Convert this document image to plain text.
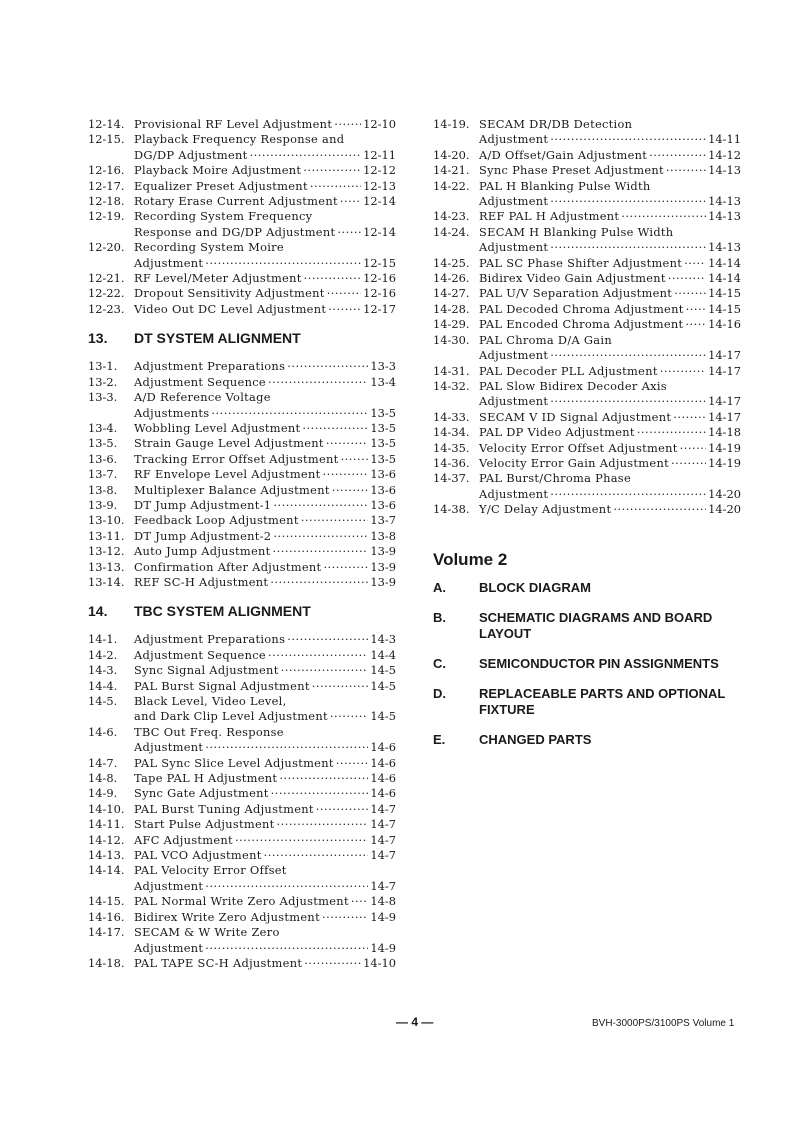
12-14. Provisional RF Level Adjustment ·····	12-10
12-15. Playback Frequency Response and
DG/DP Adjustment ·····	12-11
12-16. Playback Moire Adjustment ·····	12-12
12-17. Equalizer Preset Adjustment ·····	12-13
12-18. Rotary Erase Current Adjustment ····· 12-14
12-19. Recording System Frequency
Response and DG/DP Adjustment ····· 12-14
12-20. Recording System Moire
Adjustment ·····	12-15
12-21. RF Level/Meter Adjustment ·····	12-16
12-22. Dropout Sensitivity Adjustment ·····	12-16
12-23. Video Out DC Level Adjustment ·····	12-17
13.	DT SYSTEM ALIGNMENT
13-1.	Adjustment Preparations ·····	13-3
13-2.	Adjustment Sequence ·····	13-4
13-3.	A/D Reference Voltage
Adjustments ·····	13-5
13-4.	Wobbling Level Adjustment ·····	13-5
13-5.	Strain Gauge Level Adjustment ·····	13-5
13-6.	Tracking Error Offset Adjustment ·····	13-5
13-7.	RF Envelope Level Adjustment ·····	13-6
13-8.	Multiplexer Balance Adjustment ·····	13-6
13-9.	DT Jump Adjustment-1 ·····	13-6
13-10. Feedback Loop Adjustment ·····	13-7
13-11. DT Jump Adjustment-2 ·····	13-8
13-12. Auto Jump Adjustment ·····	13-9
13-13. Confirmation After Adjustment ·····	13-9
13-14. REF SC-H Adjustment ·····	13-9
14.	TBC SYSTEM ALIGNMENT
14-1.	Adjustment Preparations ·····	14-3
14-2.	Adjustment Sequence ·····	14-4
14-3.	Sync Signal Adjustment ·····	14-5
14-4.	PAL Burst Signal Adjustment ·····	14-5
14-5.	Black Level, Video Level,
and Dark Clip Level Adjustment ·····	14-5
14-6.	TBC Out Freq. Response
Adjustment ·····	14-6
14-7.	PAL Sync Slice Level Adjustment ·····	14-6
14-8.	Tape PAL H Adjustment ·····	14-6
14-9.	Sync Gate Adjustment ·····	14-6
14-10. PAL Burst Tuning Adjustment ·····	14-7
14-11. Start Pulse Adjustment ·····	14-7
14-12. AFC Adjustment ·····	14-7
14-13. PAL VCO Adjustment ·····	14-7
14-14. PAL Velocity Error Offset
Adjustment ·····	14-7
14-15. PAL Normal Write Zero Adjustment ····· 14-8
14-16. Bidirex Write Zero Adjustment ·····	14-9
14-17. SECAM & W Write Zero
Adjustment ·····	14-9
14-18. PAL TAPE SC-H Adjustment ·····	14-10
14-19. SECAM DR/DB Detection
Adjustment ·····	14-11
14-20. A/D Offset/Gain Adjustment ·····	14-12
14-21. Sync Phase Preset Adjustment ·····	14-13
14-22. PAL H Blanking Pulse Width
Adjustment ·····	14-13
14-23. REF PAL H Adjustment ·····	14-13
14-24. SECAM H Blanking Pulse Width
Adjustment ·····	14-13
14-25. PAL SC Phase Shifter Adjustment ····· 14-14
14-26. Bidirex Video Gain Adjustment ·····	14-14
14-27. PAL U/V Separation Adjustment ·····	14-15
14-28. PAL Decoded Chroma Adjustment ····· 14-15
14-29. PAL Encoded Chroma Adjustment ····· 14-16
14-30. PAL Chroma D/A Gain
Adjustment ·····	14-17
14-31. PAL Decoder PLL Adjustment ·····	14-17
14-32. PAL Slow Bidirex Decoder Axis
Adjustment ·····	14-17
14-33. SECAM V ID Signal Adjustment ·····	14-17
14-34. PAL DP Video Adjustment ·····	14-18
14-35. Velocity Error Offset Adjustment ·····	14-19
14-36. Velocity Error Gain Adjustment ·····	14-19
14-37. PAL Burst/Chroma Phase
Adjustment ·····	14-20
14-38. Y/C Delay Adjustment ·····	14-20
Volume 2
A.	BLOCK DIAGRAM
B.	SCHEMATIC DIAGRAMS AND BOARD
LAYOUT
C.	SEMICONDUCTOR PIN ASSIGNMENTS
D.	REPLACEABLE PARTS AND OPTIONAL
FIXTURE
E.	CHANGED PARTS
— 4 —	BVH-3000PS/3100PS Volume 1
